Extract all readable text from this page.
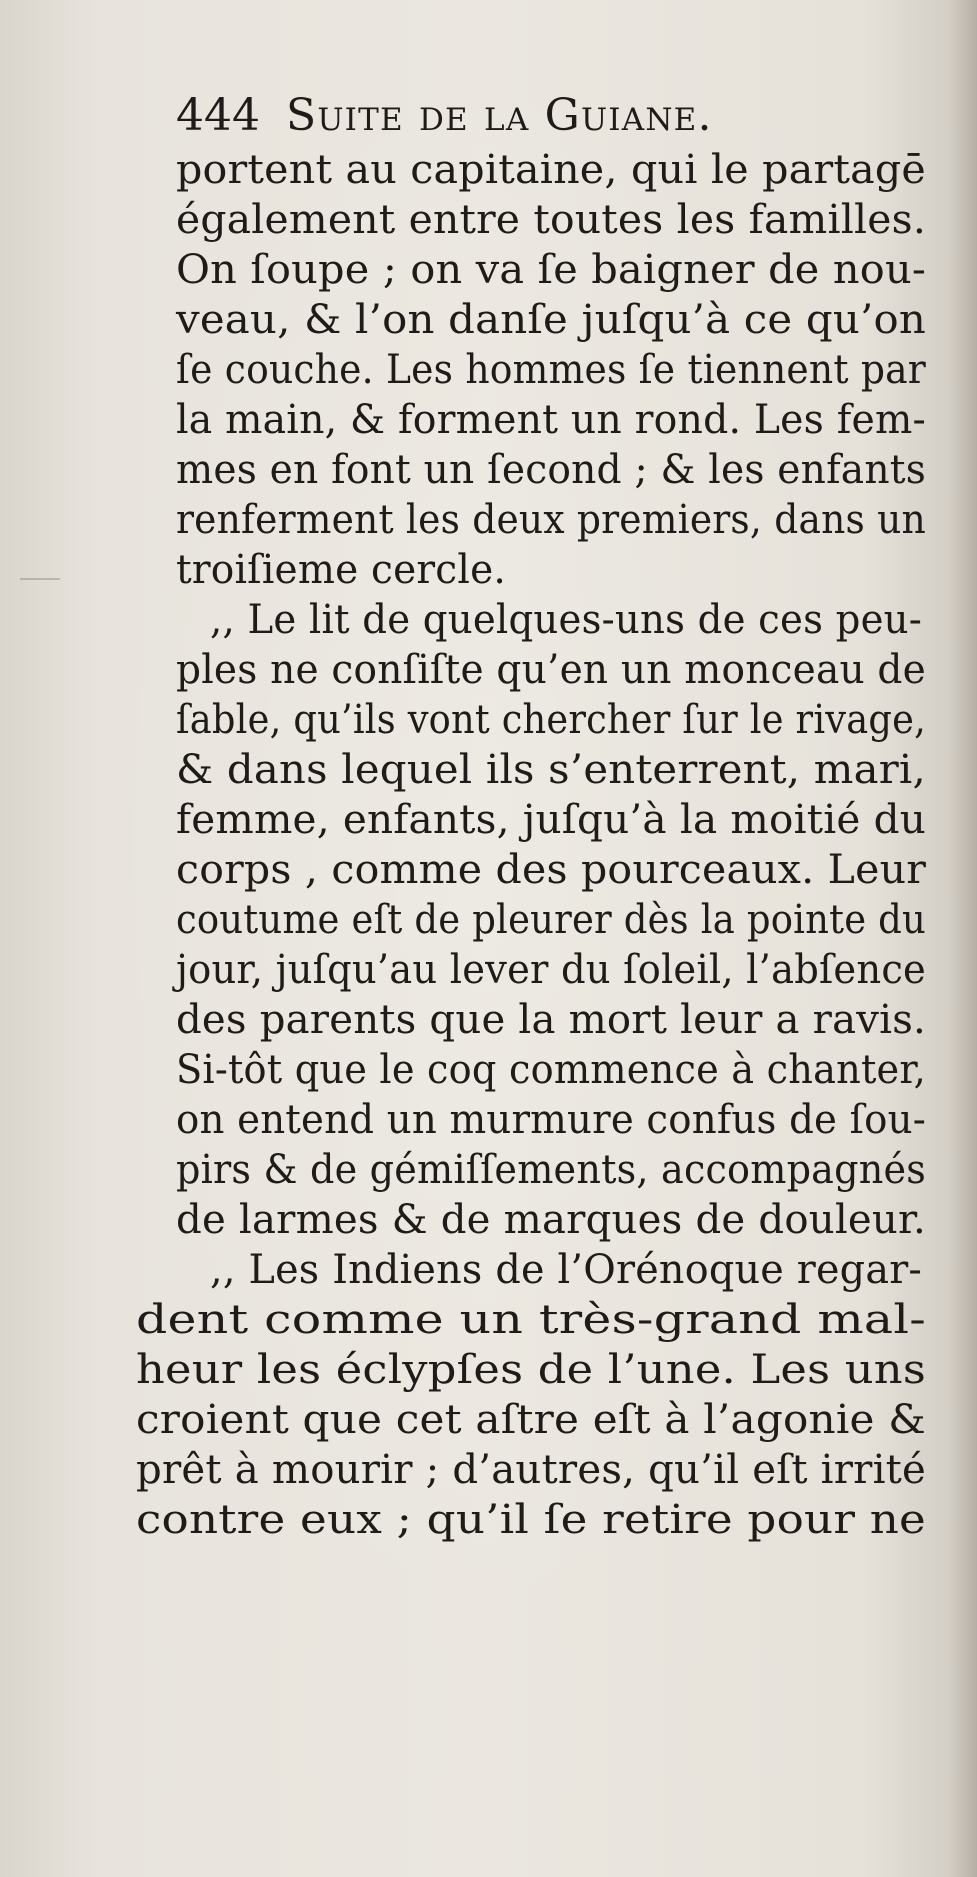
444 Suite de la Guiane.
portent au capitaine, qui le partagē
également entre toutes les familles.
On ſoupe ; on va ſe baigner de nou-
veau, & l’on danſe juſqu’à ce qu’on
ſe couche. Les hommes ſe tiennent par
la main, & forment un rond. Les fem-
mes en font un ſecond ; & les enfants
renferment les deux premiers, dans un
troiſieme cercle.
,, Le lit de quelques-uns de ces peu-
ples ne conſiſte qu’en un monceau de
ſable, qu’ils vont chercher ſur le rivage,
& dans lequel ils s’enterrent, mari,
femme, enfants, juſqu’à la moitié du
corps , comme des pourceaux. Leur
coutume eſt de pleurer dès la pointe du
jour, juſqu’au lever du ſoleil, l’abſence
des parents que la mort leur a ravis.
Si-tôt que le coq commence à chanter,
on entend un murmure confus de ſou-
pirs & de gémiſſements, accompagnés
de larmes & de marques de douleur.
,, Les Indiens de l’Orénoque regar-
dent comme un très-grand mal-
heur les éclypſes de l’une. Les uns
croient que cet aſtre eſt à l’agonie &
prêt à mourir ; d’autres, qu’il eſt irrité
contre eux ; qu’il ſe retire pour ne
